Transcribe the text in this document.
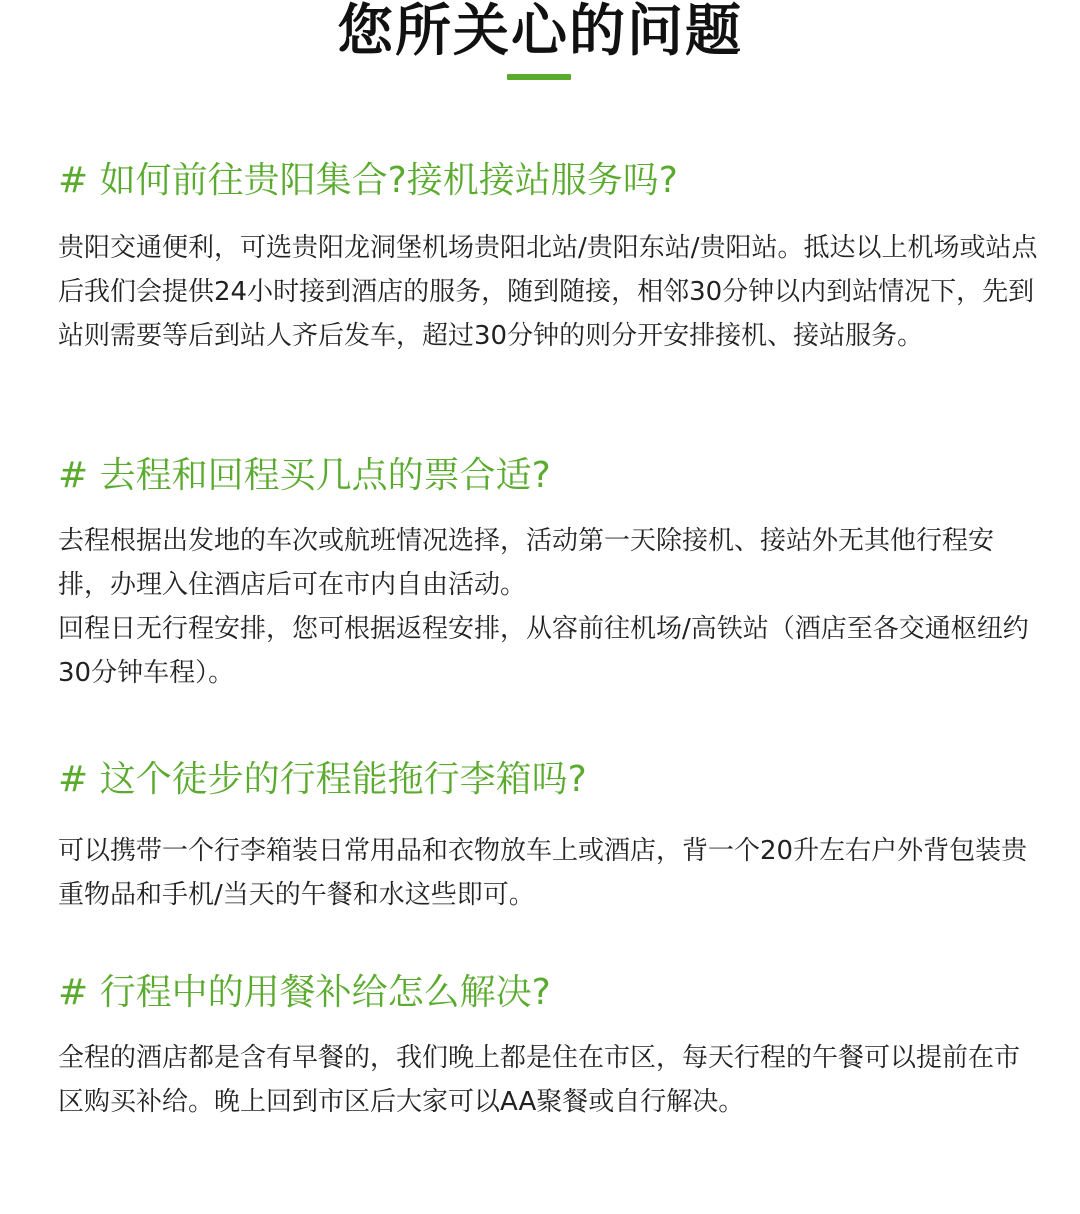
您所关心的问题
# 如何前往贵阳集合?接机接站服务吗?

贵阳交通便利，可选贵阳龙洞堡机场贵阳北站/贵阳东站/贵阳站。抵达以上机场或站点后我们会提供24小时接到酒店的服务，随到随接，相邻30分钟以内到站情况下，先到站则需要等后到站人齐后发车，超过30分钟的则分开安排接机、接站服务。

# 去程和回程买几点的票合适?

去程根据出发地的车次或航班情况选择，活动第一天除接机、接站外无其他行程安排，办理入住酒店后可在市内自由活动。

回程日无行程安排，您可根据返程安排，从容前往机场/高铁站（酒店至各交通枢纽约30分钟车程）。

# 这个徒步的行程能拖行李箱吗?

可以携带一个行李箱装日常用品和衣物放车上或酒店，背一个20升左右户外背包装贵重物品和手机/当天的午餐和水这些即可。

# 行程中的用餐补给怎么解决?

全程的酒店都是含有早餐的，我们晚上都是住在市区，每天行程的午餐可以提前在市区购买补给。晚上回到市区后大家可以AA聚餐或自行解决。
